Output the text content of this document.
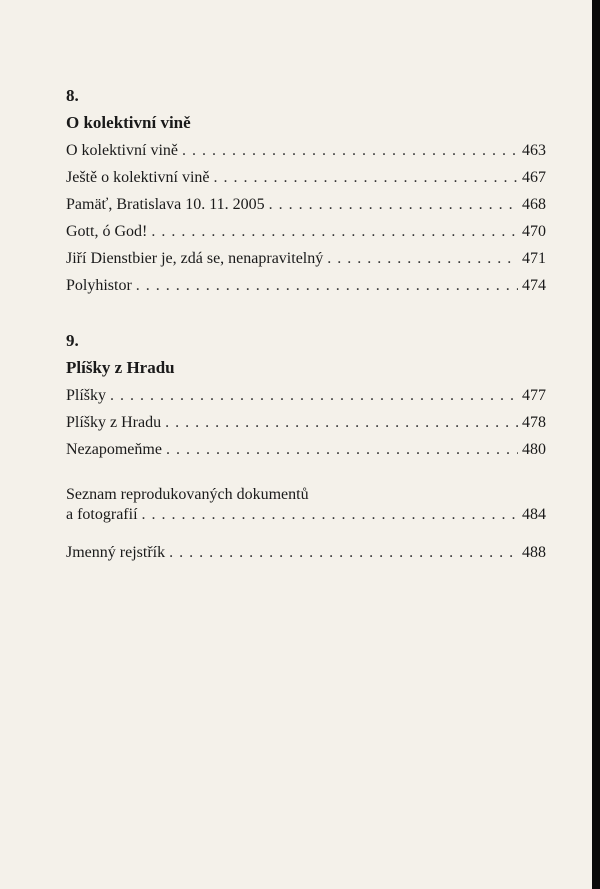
8.
O kolektivní vině
O kolektivní vině . . .	463
Ještě o kolektivní vině . . .	467
Pamäť, Bratislava 10. 11. 2005 . . .	468
Gott, ó God! . . .	470
Jiří Dienstbier je, zdá se, nenapravitelný . . .	471
Polyhistor . . .	474
9.
Plíšky z Hradu
Plíšky . . .	477
Plíšky z Hradu . . .	478
Nezapomeňme . . .	480
Seznam reprodukovaných dokumentů
a fotografií . . .	484
Jmenný rejstřík . . .	488
